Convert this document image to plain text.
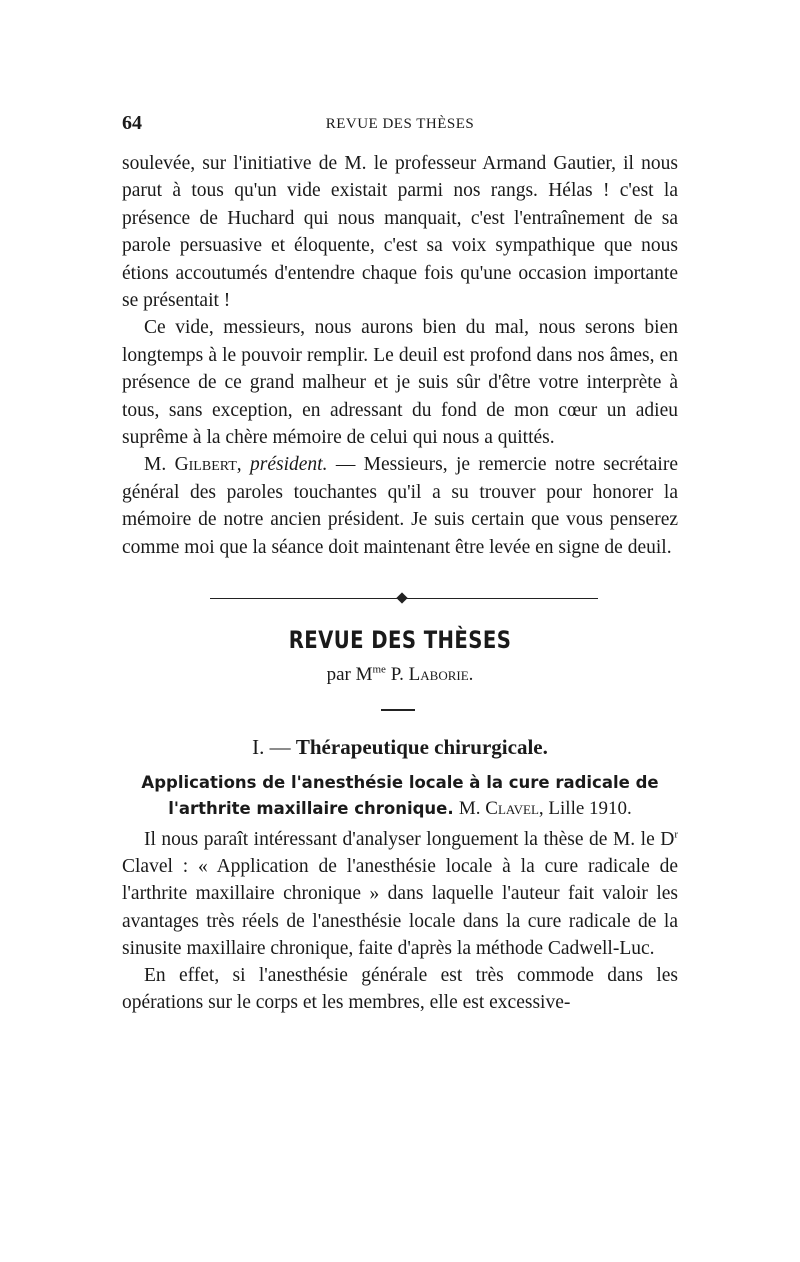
64	REVUE DES THÈSES

soulevée, sur l'initiative de M. le professeur Armand Gautier, il nous parut à tous qu'un vide existait parmi nos rangs. Hélas ! c'est la présence de Huchard qui nous manquait, c'est l'entraînement de sa parole persuasive et éloquente, c'est sa voix sympathique que nous étions accoutumés d'entendre chaque fois qu'une occasion importante se présentait !

Ce vide, messieurs, nous aurons bien du mal, nous serons bien longtemps à le pouvoir remplir. Le deuil est profond dans nos âmes, en présence de ce grand malheur et je suis sûr d'être votre interprète à tous, sans exception, en adressant du fond de mon cœur un adieu suprême à la chère mémoire de celui qui nous a quittés.

M. Gilbert, président. — Messieurs, je remercie notre secrétaire général des paroles touchantes qu'il a su trouver pour honorer la mémoire de notre ancien président. Je suis certain que vous penserez comme moi que la séance doit maintenant être levée en signe de deuil.

REVUE DES THÈSES
par $M^{me}$ P. Laborie.
I. — Thérapeutique chirurgicale.
Applications de l'anesthésie locale à la cure radicale de l'arthrite maxillaire chronique. M. Clavel, Lille 1910.

Il nous paraît intéressant d'analyser longuement la thèse de M. le $D^r$ Clavel : « Application de l'anesthésie locale à la cure radicale de l'arthrite maxillaire chronique » dans laquelle l'auteur fait valoir les avantages très réels de l'anesthésie locale dans la cure radicale de la sinusite maxillaire chronique, faite d'après la méthode Cadwell-Luc.

En effet, si l'anesthésie générale est très commode dans les opérations sur le corps et les membres, elle est excessive-
